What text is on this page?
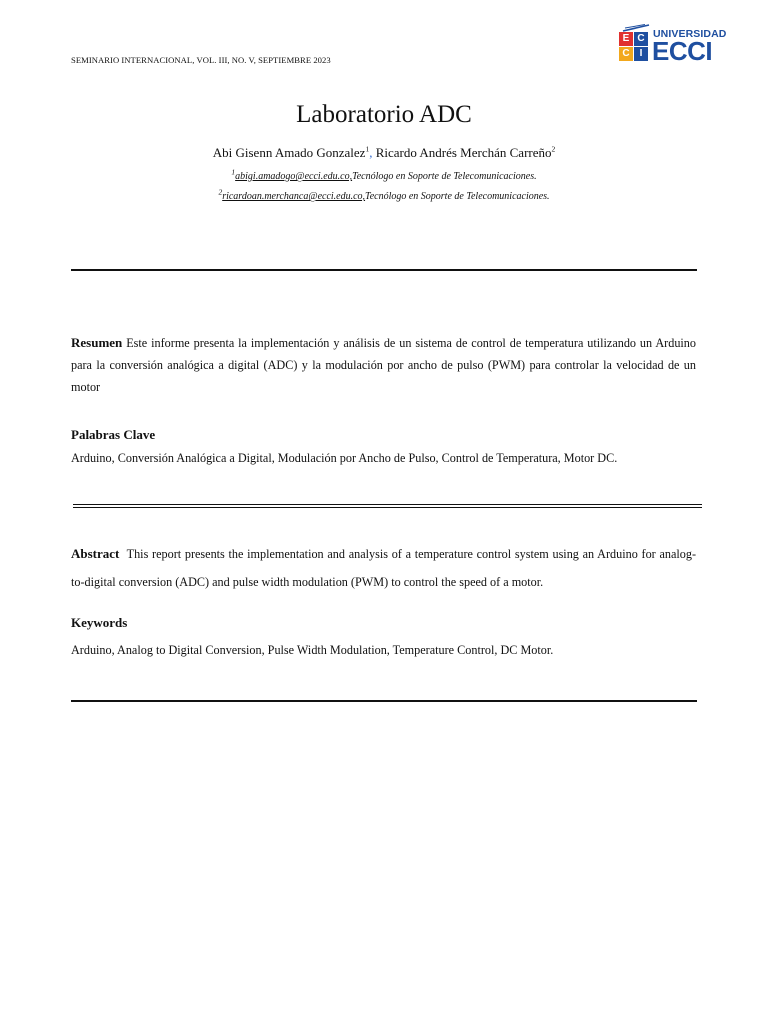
SEMINARIO INTERNACIONAL, VOL. III, NO. V, SEPTIEMBRE 2023
E C
C	I
UNIVERSIDAD
ECCI
Laboratorio ADC
Abi Gisenn Amado Gonzalez$^1$, Ricardo Andrés Merchán Carreño$^2$
$^1$abigi.amadogo@ecci.edu.co,Tecnólogo en Soporte de Telecomunicaciones.
$^2$ricardoan.merchanca@ecci.edu.co,Tecnólogo en Soporte de Telecomunicaciones.
Resumen Este informe presenta la implementación y análisis de un sistema de control de temperatura utilizando un Arduino para la conversión analógica a digital (ADC) y la modulación por ancho de pulso (PWM) para controlar la velocidad de un motor
Palabras Clave
Arduino, Conversión Analógica a Digital, Modulación por Ancho de Pulso, Control de Temperatura, Motor DC.
Abstract This report presents the implementation and analysis of a temperature control system using an Arduino for analog-to-digital conversion (ADC) and pulse width modulation (PWM) to control the speed of a motor.
Keywords
Arduino, Analog to Digital Conversion, Pulse Width Modulation, Temperature Control, DC Motor.
